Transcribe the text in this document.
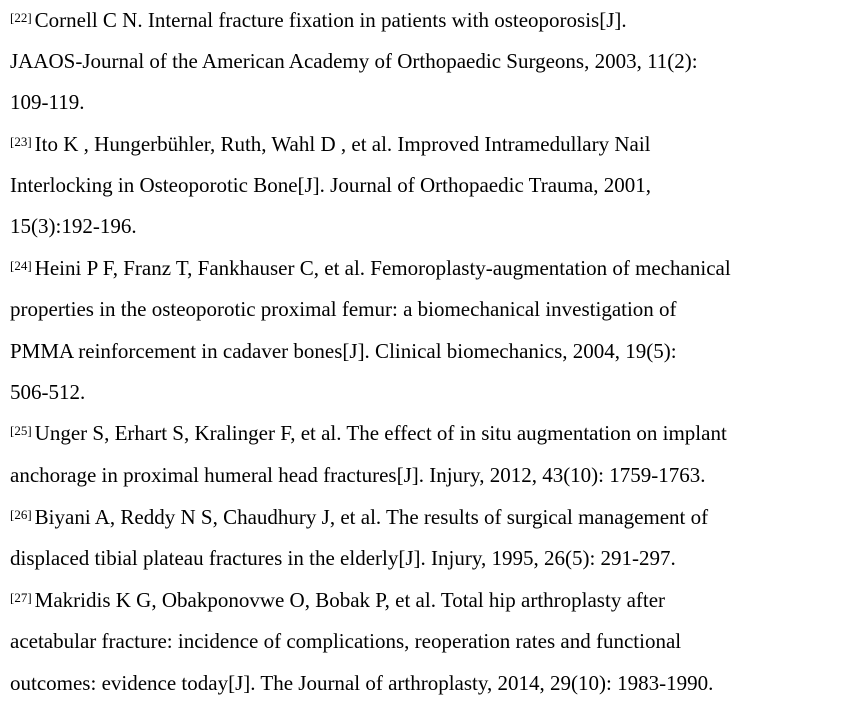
[22] Cornell C N. Internal fracture fixation in patients with osteoporosis[J].
JAAOS-Journal of the American Academy of Orthopaedic Surgeons, 2003, 11(2):
109-119.
[23] Ito K , Hungerbühler, Ruth, Wahl D , et al. Improved Intramedullary Nail
Interlocking in Osteoporotic Bone[J]. Journal of Orthopaedic Trauma, 2001,
15(3):192-196.
[24] Heini P F, Franz T, Fankhauser C, et al. Femoroplasty-augmentation of mechanical
properties in the osteoporotic proximal femur: a biomechanical investigation of
PMMA reinforcement in cadaver bones[J]. Clinical biomechanics, 2004, 19(5):
506-512.
[25] Unger S, Erhart S, Kralinger F, et al. The effect of in situ augmentation on implant
anchorage in proximal humeral head fractures[J]. Injury, 2012, 43(10): 1759-1763.
[26] Biyani A, Reddy N S, Chaudhury J, et al. The results of surgical management of
displaced tibial plateau fractures in the elderly[J]. Injury, 1995, 26(5): 291-297.
[27] Makridis K G, Obakponovwe O, Bobak P, et al. Total hip arthroplasty after
acetabular fracture: incidence of complications, reoperation rates and functional
outcomes: evidence today[J]. The Journal of arthroplasty, 2014, 29(10): 1983-1990.
